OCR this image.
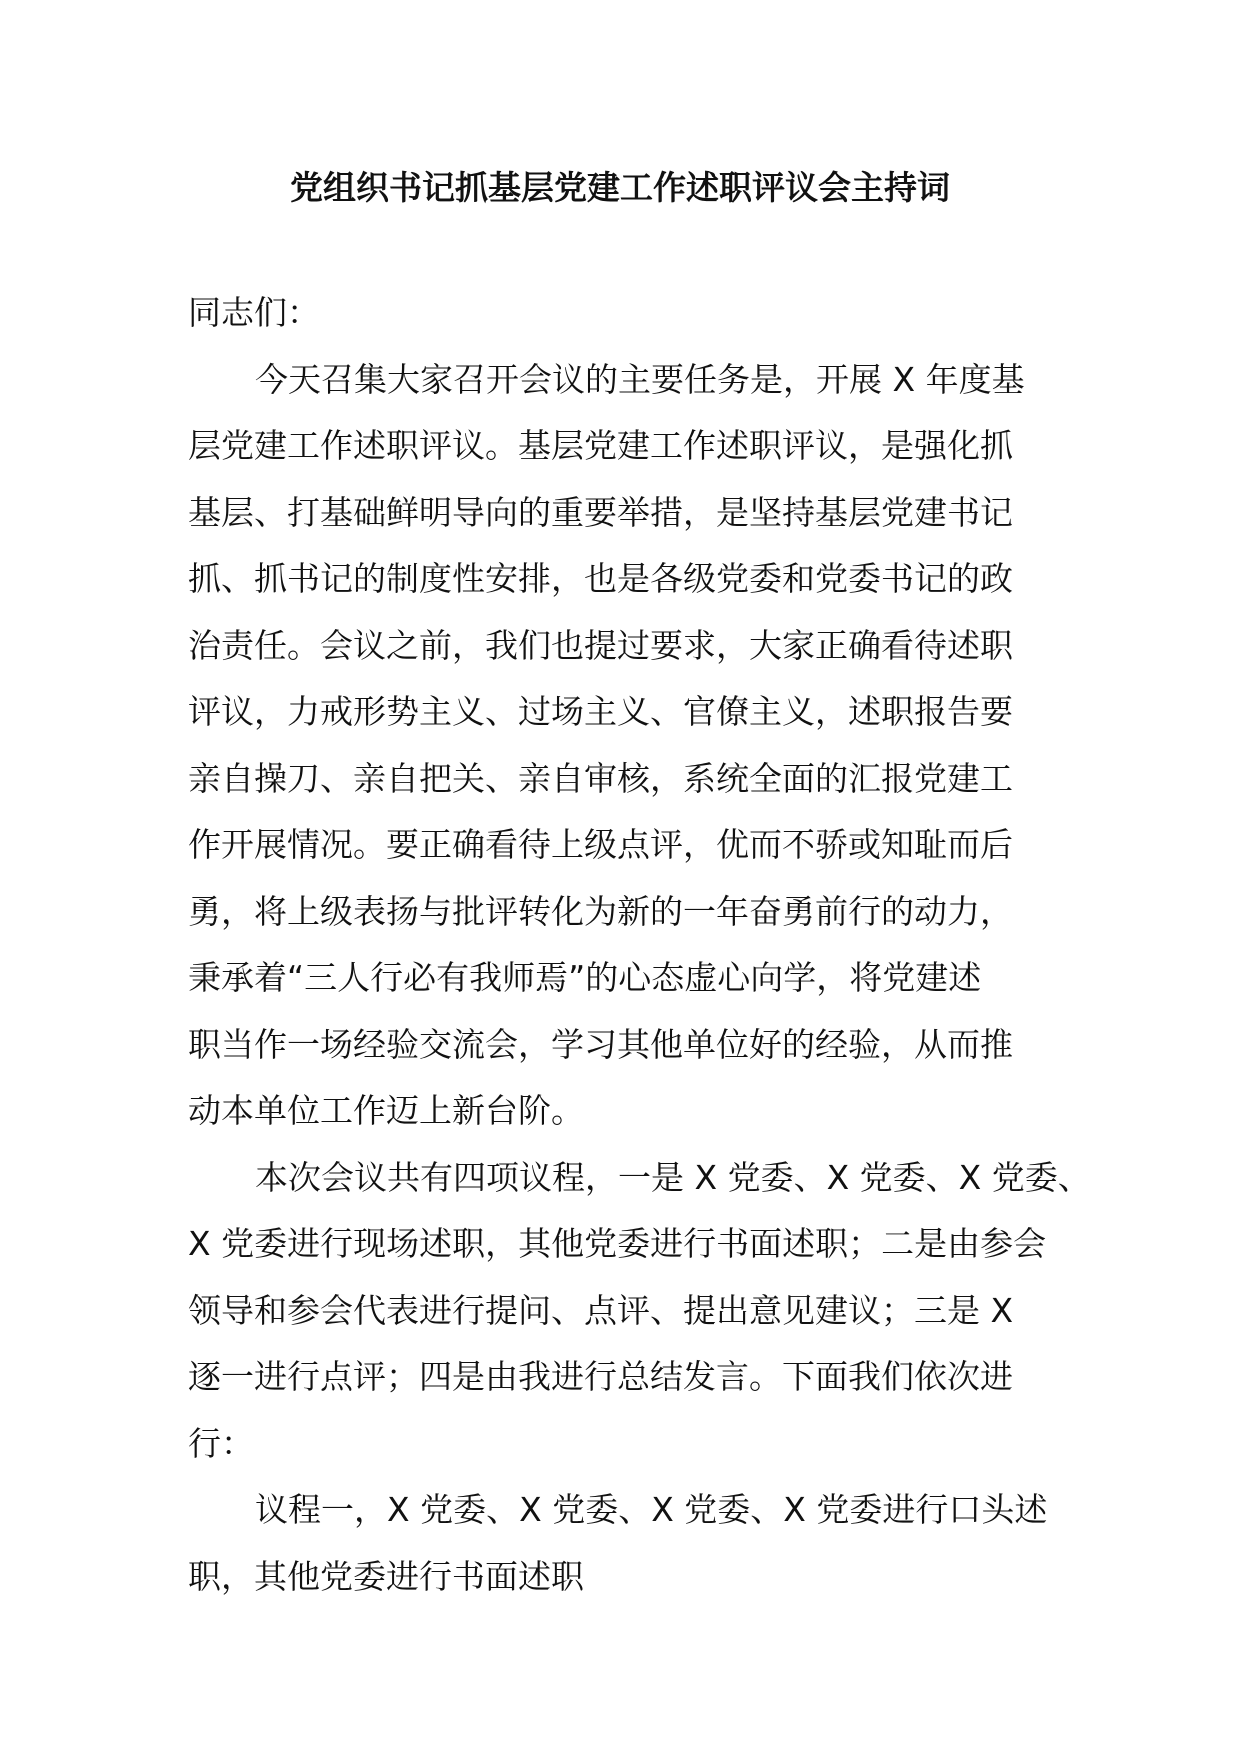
党组织书记抓基层党建工作述职评议会主持词
同志们：
今天召集大家召开会议的主要任务是，开展 X 年度基
层党建工作述职评议。基层党建工作述职评议，是强化抓
基层、打基础鲜明导向的重要举措，是坚持基层党建书记
抓、抓书记的制度性安排，也是各级党委和党委书记的政
治责任。会议之前，我们也提过要求，大家正确看待述职
评议，力戒形势主义、过场主义、官僚主义，述职报告要
亲自操刀、亲自把关、亲自审核，系统全面的汇报党建工
作开展情况。要正确看待上级点评，优而不骄或知耻而后
勇，将上级表扬与批评转化为新的一年奋勇前行的动力，
秉承着“三人行必有我师焉”的心态虚心向学，将党建述
职当作一场经验交流会，学习其他单位好的经验，从而推
动本单位工作迈上新台阶。
本次会议共有四项议程，一是 X 党委、X 党委、X 党委、
X 党委进行现场述职，其他党委进行书面述职；二是由参会
领导和参会代表进行提问、点评、提出意见建议；三是 X
逐一进行点评；四是由我进行总结发言。下面我们依次进
行：
议程一，X 党委、X 党委、X 党委、X 党委进行口头述
职，其他党委进行书面述职
